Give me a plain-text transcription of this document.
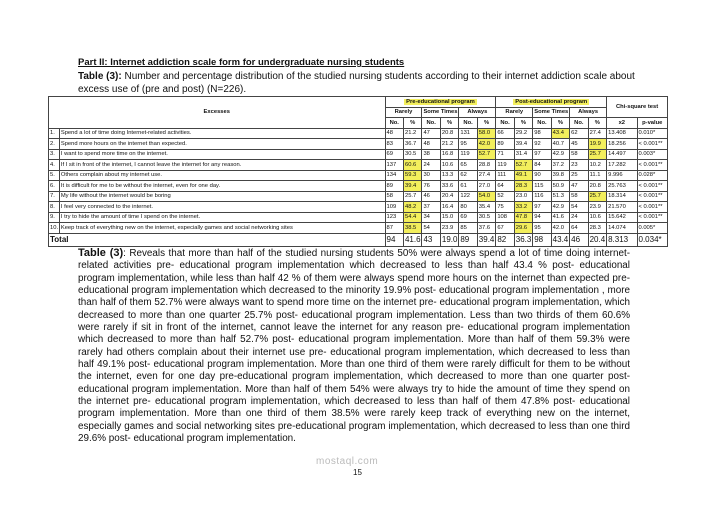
Part II: Internet addiction scale form for undergraduate nursing students
Table (3): Number and percentage distribution of the studied nursing students according to their internet addiction scale about excess use of (pre and post) (N=226).
Excesses		Pre-educational program						Post-educational program						Chi-square test	
		Rarely		Some Times		Always		Rarely		Some Times		Always			
		No.	%	No.	%	No.	%	No.	%	No.	%	No.	%	x2	p-value
1.	Spend a lot of time doing Internet-related activities.	48	21.2	47	20.8	131	58.0	66	29.2	98	43.4	62	27.4	13.408	0.010*
2.	Spend more hours on the internet than expected.	83	36.7	48	21.2	95	42.0	89	39.4	92	40.7	45	19.9	18.256	< 0.001**
3.	I want to spend more time on the internet.	69	30.5	38	16.8	119	52.7	71	31.4	97	42.9	58	25.7	14.497	0.003*
4.	If I sit in front of the internet, I cannot leave the internet for any reason.	137	60.6	24	10.6	65	28.8	119	52.7	84	37.2	23	10.2	17.282	< 0.001**
5.	Others complain about my internet use.	134	59.3	30	13.3	62	27.4	111	49.1	90	39.8	25	11.1	9.996	0.028*
6.	It is difficult for me to be without the internet, even for one day.	89	39.4	76	33.6	61	27.0	64	28.3	115	50.9	47	20.8	25.763	< 0.001**
7.	My life without the internet would be boring	58	25.7	46	20.4	122	54.0	52	23.0	116	51.3	58	25.7	18.314	< 0.001**
8.	I feel very connected to the internet.	109	48.2	37	16.4	80	35.4	75	33.2	97	42.9	54	23.9	21.570	< 0.001**
9.	I try to hide the amount of time I spend on the internet.	123	54.4	34	15.0	69	30.5	108	47.8	94	41.6	24	10.6	15.642	< 0.001**
10.	Keep track of everything new on the internet, especially games and social networking sites	87	38.5	54	23.9	85	37.6	67	29.6	95	42.0	64	28.3	14.074	0.005*
Total		94	41.6	43	19.0	89	39.4	82	36.3	98	43.4	46	20.4	8.313	0.034*
Table (3): Reveals that more than half of the studied nursing students 50% were always spend a lot of time doing internet-related activities pre- educational program implementation which decreased to less than half 43.4 % post- educational program implementation, while less than half 42 % of them were always spend more hours on the internet than expected pre- educational program implementation which decreased to the minority 19.9% post- educational program implementation , more than half of them 52.7% were always want to spend more time on the internet pre- educational program implementation, which decreased to more than one quarter 25.7% post- educational program implementation. Less than two thirds of them 60.6% were rarely if sit in front of the internet, cannot leave the internet for any reason pre- educational program implementation which decreased to more than half 52.7% post- educational program implementation. More than half of them 59.3% were rarely had others complain about their internet use pre- educational program implementation, which decreased to less than half 49.1% post- educational program implementation. More than one third of them were rarely difficult for them to be without the internet, even for one day pre-educational program implementation, which decreased to more than one quarter post- educational program implementation. More than half of them 54% were always try to hide the amount of time they spend on the internet pre- educational program implementation, which decreased to less than half of them 47.8% post- educational program implementation. More than one third of them 38.5% were rarely keep track of everything new on the internet, especially games and social networking sites pre-educational program implementation, which decreased to less than one third 29.6% post- educational program implementation.
15
mostaql.com
